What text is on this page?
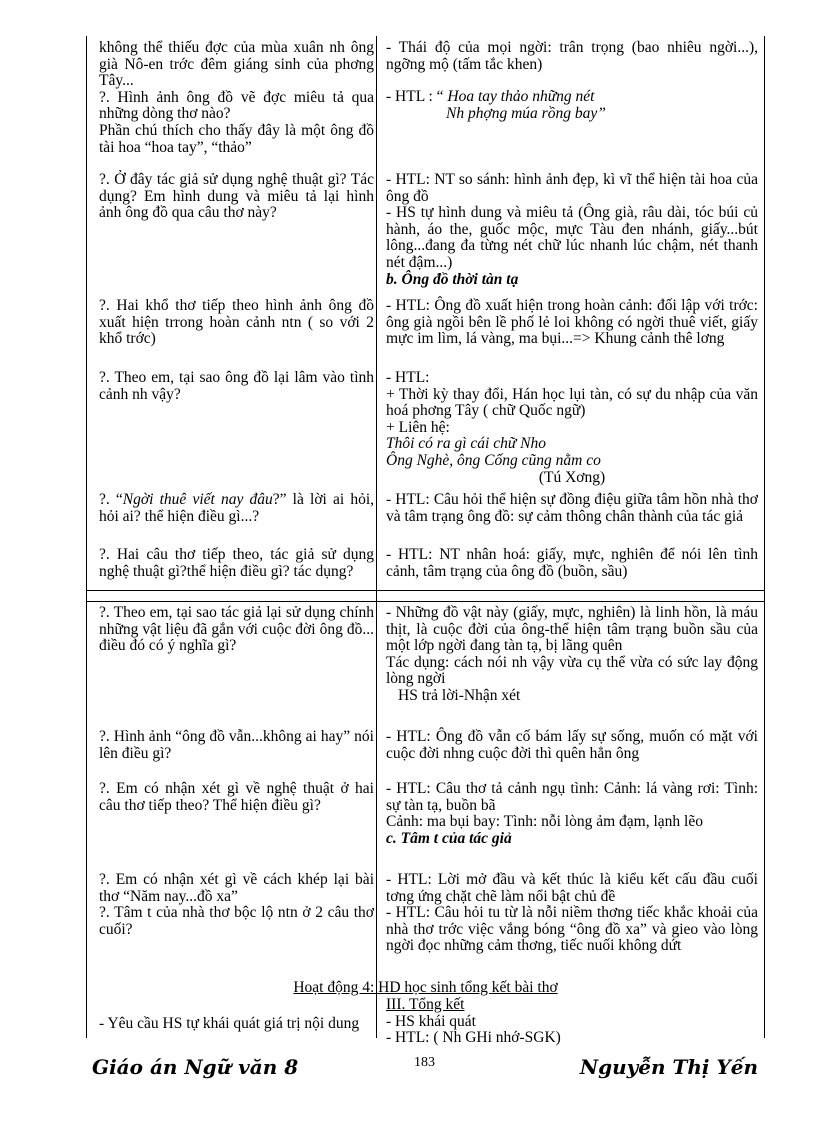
không thể thiếu đợc của mùa xuân nh ông già Nô-en trớc đêm giáng sinh của phơng Tây...

?. Hình ảnh ông đồ vẽ đợc miêu tả qua những dòng thơ nào?

Phần chú thích cho thấy đây là một ông đồ tài hoa “hoa tay”, “thảo”

- Thái độ của mọi ngời: trân trọng (bao nhiêu ngời...), ngỡng mộ (tấm tắc khen)

- HTL : “ Hoa tay thảo những nét

Nh phợng múa rồng bay”

?. Ở đây tác giả sử dụng nghệ thuật gì? Tác dụng? Em hình dung và miêu tả lại hình ảnh ông đồ qua câu thơ này?

- HTL: NT so sánh: hình ảnh đẹp, kì vĩ thể hiện tài hoa của ông đồ

- HS tự hình dung và miêu tả (Ông già, râu dài, tóc búi củ hành, áo the, guốc mộc, mực Tàu đen nhánh, giấy...bút lông...đang đa từng nét chữ lúc nhanh lúc chậm, nét thanh nét đậm...)

b. Ông đồ thời tàn tạ

?. Hai khổ thơ tiếp theo hình ảnh ông đồ xuất hiện trrong hoàn cảnh ntn ( so với 2 khổ trớc)

- HTL: Ông đồ xuất hiện trong hoàn cảnh: đối lập với trớc: ông già ngồi bên lề phố lẻ loi không có ngời thuê viết, giấy mực im lìm, lá vàng, ma bụi...=> Khung cảnh thê lơng

?. Theo em, tại sao ông đồ lại lâm vào tình cảnh nh vậy?

- HTL:

+ Thời kỳ thay đổi, Hán học lụi tàn, có sự du nhập của văn hoá phơng Tây ( chữ Quốc ngữ)

+ Liên hệ:

Thôi có ra gì cái chữ Nho

Ông Nghè, ông Cống cũng nằm co

(Tú Xơng)

?. “Ngời thuê viết nay đâu?” là lời ai hỏi, hỏi ai? thể hiện điều gì...?

- HTL: Câu hỏi thể hiện sự đồng điệu giữa tâm hồn nhà thơ và tâm trạng ông đồ: sự cảm thông chân thành của tác giả

?. Hai câu thơ tiếp theo, tác giả sử dụng nghệ thuật gì?thể hiện điều gì? tác dụng?

- HTL: NT nhân hoá: giấy, mực, nghiên để nói lên tình cảnh, tâm trạng của ông đồ (buồn, sầu)

?. Theo em, tại sao tác giả lại sử dụng chính những vật liệu đã gắn với cuộc đời ông đồ... điều đó có ý nghĩa gì?

- Những đồ vật này (giấy, mực, nghiên) là linh hồn, là máu thịt, là cuộc đời của ông-thể hiện tâm trạng buồn sầu của một lớp ngời đang tàn tạ, bị lãng quên

Tác dụng: cách nói nh vậy vừa cụ thể vừa có sức lay động lòng ngời

HS trả lời-Nhận xét

?. Hình ảnh “ông đồ vẫn...không ai hay” nói lên điều gì?

- HTL: Ông đồ vẫn cố bám lấy sự sống, muốn có mặt với cuộc đời nhng cuộc đời thì quên hẳn ông

?. Em có nhận xét gì về nghệ thuật ở hai câu thơ tiếp theo? Thể hiện điều gì?

- HTL: Câu thơ tả cảnh ngụ tình: Cảnh: lá vàng rơi: Tình: sự tàn tạ, buồn bã

Cảnh: ma bụi bay: Tình: nỗi lòng ảm đạm, lạnh lẽo

c. Tâm t của tác giả

?. Em có nhận xét gì về cách khép lại bài thơ “Năm nay...đồ xa”

?. Tâm t của nhà thơ bộc lộ ntn ở 2 câu thơ cuối?

- HTL: Lời mở đầu và kết thúc là kiểu kết cấu đầu cuối tơng ứng chặt chẽ làm nổi bật chủ đề

- HTL: Câu hỏi tu từ là nỗi niềm thơng tiếc khắc khoải của nhà thơ trớc việc vắng bóng “ông đồ xa” và gieo vào lòng ngời đọc những cảm thơng, tiếc nuối không dứt

Hoạt động 4: HD học sinh tổng kết bài thơ

- Yêu cầu HS tự khái quát giá trị nội dung

III. Tổng kết

- HS khái quát

- HTL: ( Nh GHi nhớ-SGK)

Giáo án Ngữ văn 8	183	Nguyễn Thị Yến
